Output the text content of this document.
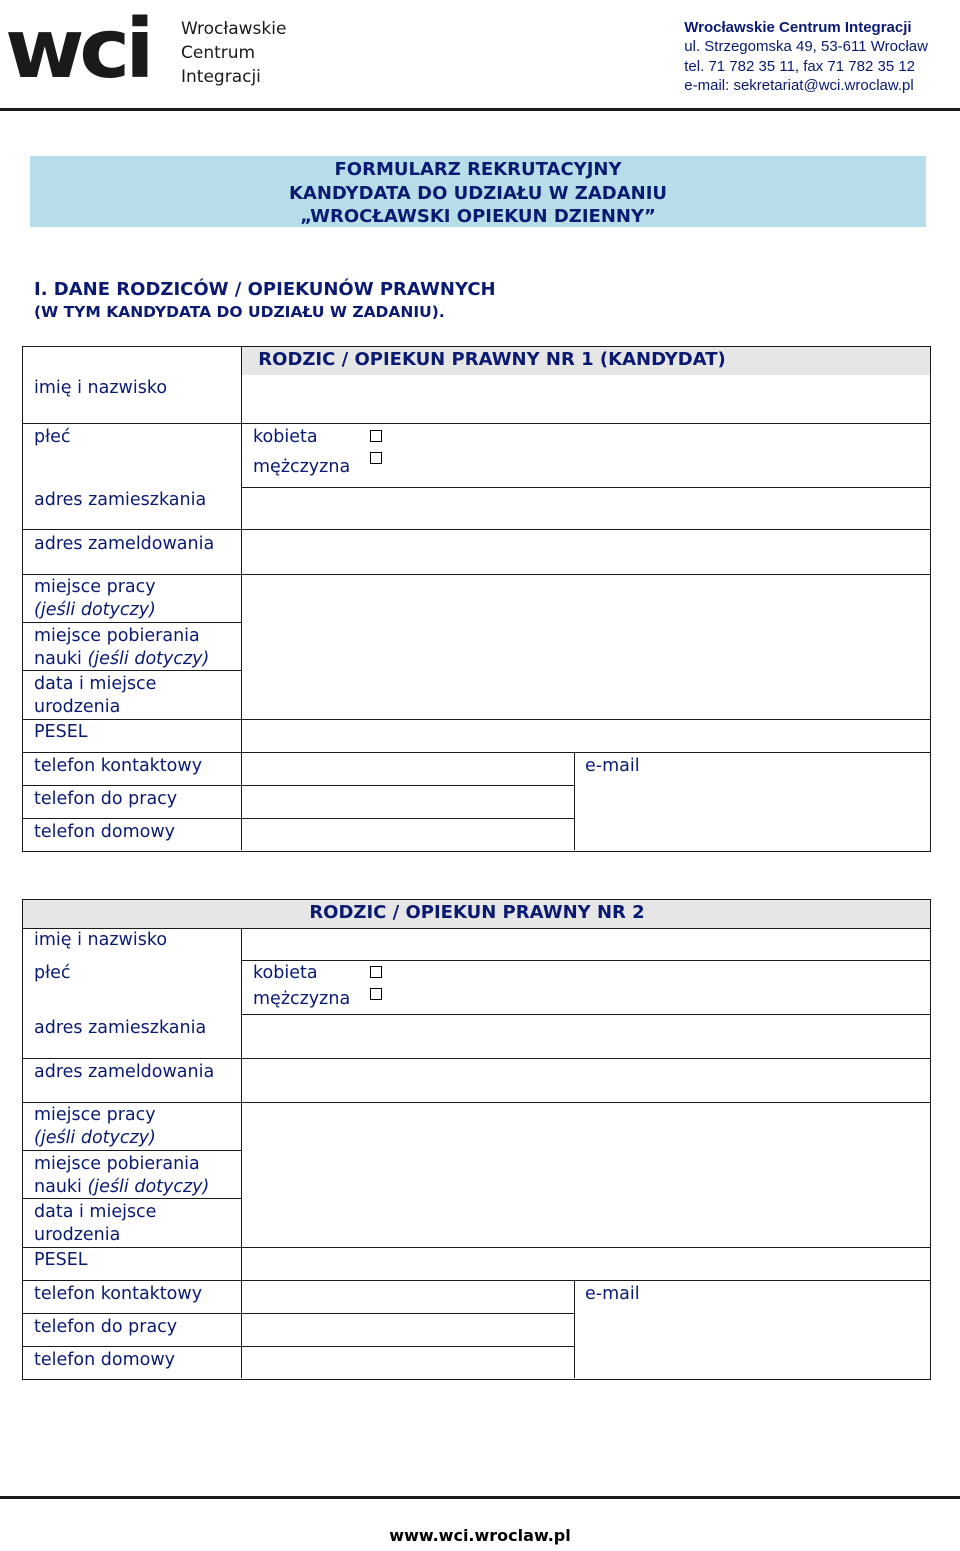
wci Wrocławskie
Centrum
Integracji
Wrocławskie Centrum Integracji
ul. Strzegomska 49, 53-611 Wrocław
tel. 71 782 35 11, fax 71 782 35 12
e-mail: sekretariat@wci.wroclaw.pl
FORMULARZ REKRUTACYJNY
KANDYDATA DO UDZIAŁU W ZADANIU
„WROCŁAWSKI OPIEKUN DZIENNY”
I. DANE RODZICÓW / OPIEKUNÓW PRAWNYCH
(W TYM KANDYDATA DO UDZIAŁU W ZADANIU).
RODZIC / OPIEKUN PRAWNY NR 1 (KANDYDAT)
imię i nazwisko
płeć	kobieta
mężczyzna
adres zamieszkania
adres zameldowania
miejsce pracy
(jeśli dotyczy)
miejsce pobierania
nauki (jeśli dotyczy)
data i miejsce
urodzenia
PESEL
telefon kontaktowy	e-mail
telefon do pracy
telefon domowy
RODZIC / OPIEKUN PRAWNY NR 2
imię i nazwisko
płeć	kobieta
mężczyzna
adres zamieszkania
adres zameldowania
miejsce pracy
(jeśli dotyczy)
miejsce pobierania
nauki (jeśli dotyczy)
data i miejsce
urodzenia
PESEL
telefon kontaktowy	e-mail
telefon do pracy
telefon domowy
www.wci.wroclaw.pl
